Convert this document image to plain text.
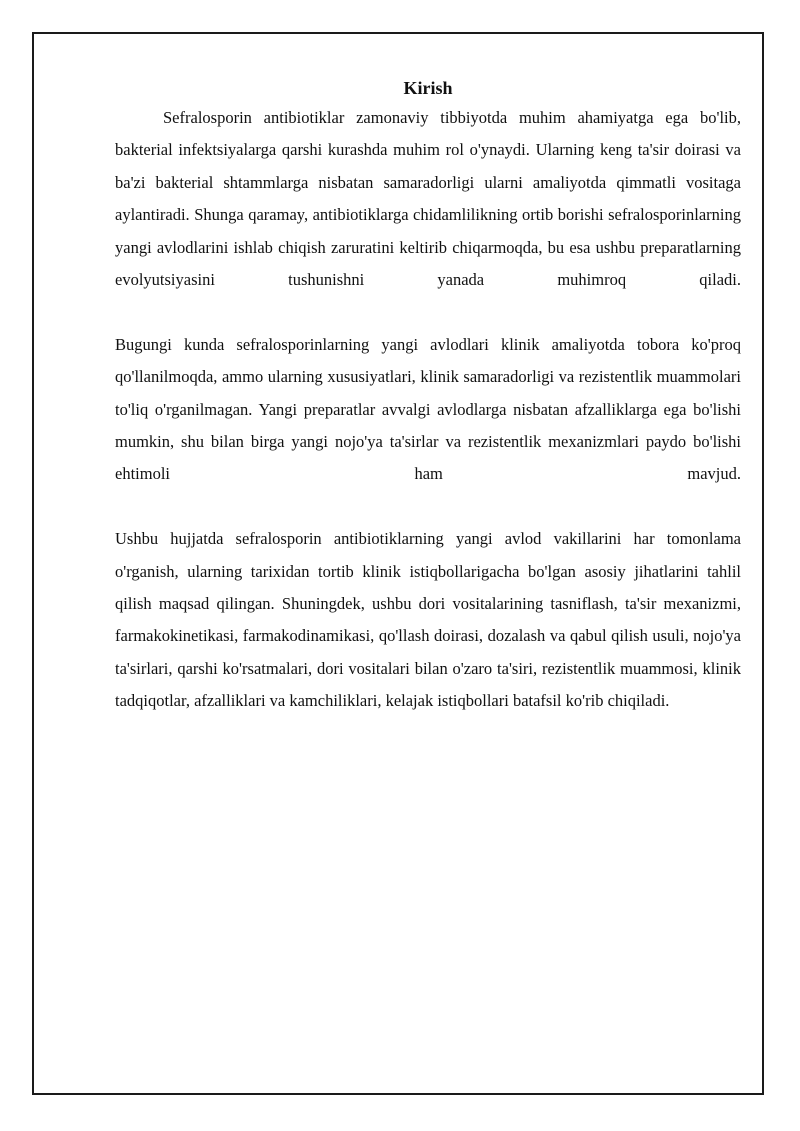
Kirish

Sefralosporin antibiotiklar zamonaviy tibbiyotda muhim ahamiyatga ega bo'lib, bakterial infektsiyalarga qarshi kurashda muhim rol o'ynaydi. Ularning keng ta'sir doirasi va ba'zi bakterial shtammlarga nisbatan samaradorligi ularni amaliyotda qimmatli vositaga aylantiradi. Shunga qaramay, antibiotiklarga chidamlilikning ortib borishi sefralosporinlarning yangi avlodlarini ishlab chiqish zaruratini keltirib chiqarmoqda, bu esa ushbu preparatlarning evolyutsiyasini tushunishni yanada muhimroq qiladi.

Bugungi kunda sefralosporinlarning yangi avlodlari klinik amaliyotda tobora ko'proq qo'llanilmoqda, ammo ularning xususiyatlari, klinik samaradorligi va rezistentlik muammolari to'liq o'rganilmagan. Yangi preparatlar avvalgi avlodlarga nisbatan afzalliklarga ega bo'lishi mumkin, shu bilan birga yangi nojo'ya ta'sirlar va rezistentlik mexanizmlari paydo bo'lishi ehtimoli ham mavjud.

Ushbu hujjatda sefralosporin antibiotiklarning yangi avlod vakillarini har tomonlama o'rganish, ularning tarixidan tortib klinik istiqbollarigacha bo'lgan asosiy jihatlarini tahlil qilish maqsad qilingan. Shuningdek, ushbu dori vositalarining tasniflash, ta'sir mexanizmi, farmakokinetikasi, farmakodinamikasi, qo'llash doirasi, dozalash va qabul qilish usuli, nojo'ya ta'sirlari, qarshi ko'rsatmalari, dori vositalari bilan o'zaro ta'siri, rezistentlik muammosi, klinik tadqiqotlar, afzalliklari va kamchiliklari, kelajak istiqbollari batafsil ko'rib chiqiladi.
